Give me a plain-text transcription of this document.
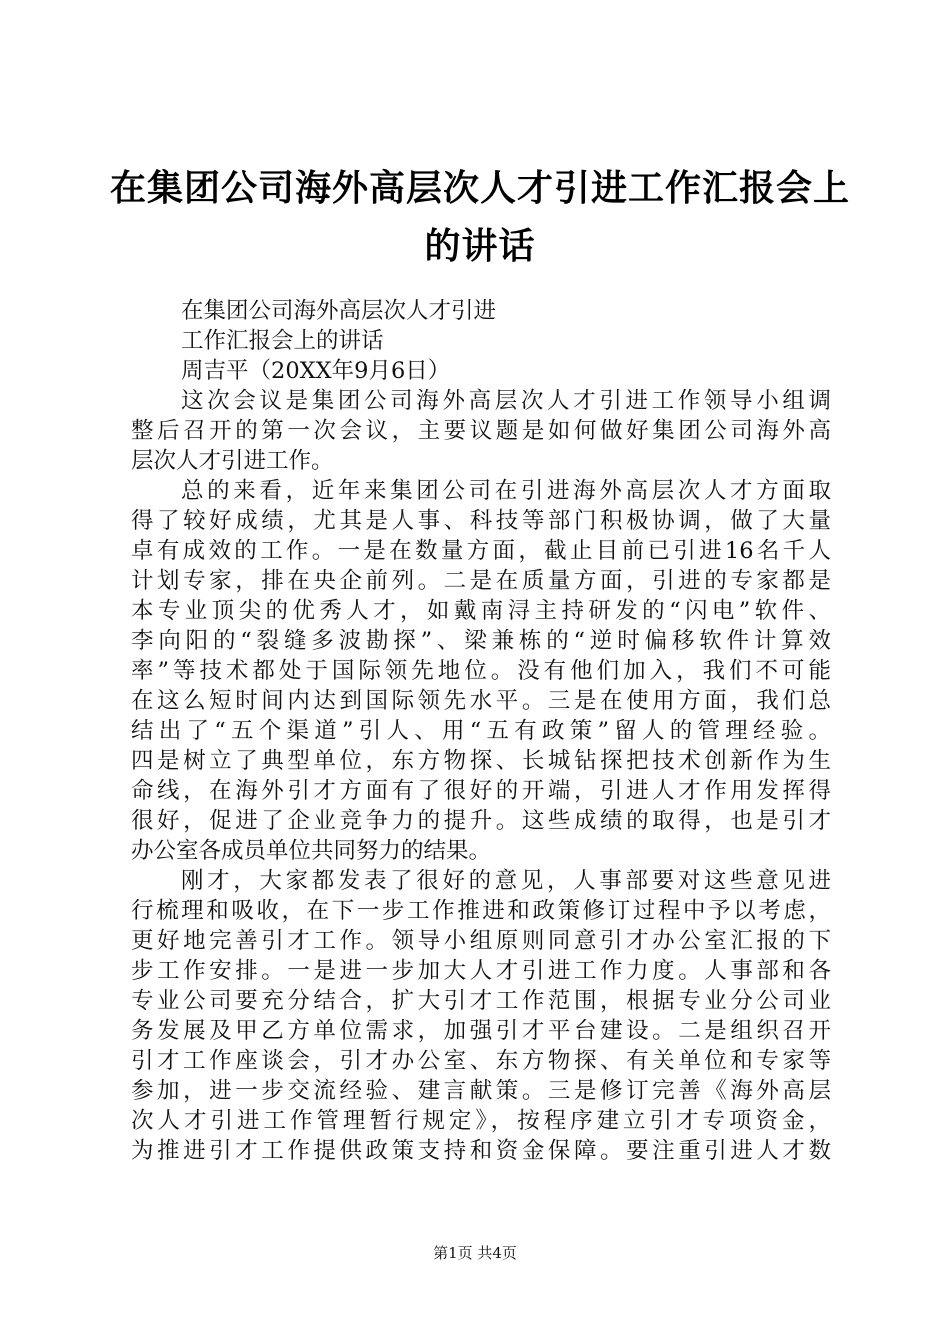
在集团公司海外高层次人才引进工作汇报会上
的讲话
在集团公司海外高层次人才引进
工作汇报会上的讲话
周吉平（20XX年9月6日）
这次会议是集团公司海外高层次人才引进工作领导小组调
整后召开的第一次会议，主要议题是如何做好集团公司海外高
层次人才引进工作。
总的来看，近年来集团公司在引进海外高层次人才方面取
得了较好成绩，尤其是人事、科技等部门积极协调，做了大量
卓有成效的工作。一是在数量方面，截止目前已引进16名千人
计划专家，排在央企前列。二是在质量方面，引进的专家都是
本专业顶尖的优秀人才，如戴南浔主持研发的“闪电”软件、
李向阳的“裂缝多波勘探”、梁兼栋的“逆时偏移软件计算效
率”等技术都处于国际领先地位。没有他们加入，我们不可能
在这么短时间内达到国际领先水平。三是在使用方面，我们总
结出了“五个渠道”引人、用“五有政策”留人的管理经验。
四是树立了典型单位，东方物探、长城钻探把技术创新作为生
命线，在海外引才方面有了很好的开端，引进人才作用发挥得
很好，促进了企业竞争力的提升。这些成绩的取得，也是引才
办公室各成员单位共同努力的结果。
刚才，大家都发表了很好的意见，人事部要对这些意见进
行梳理和吸收，在下一步工作推进和政策修订过程中予以考虑，
更好地完善引才工作。领导小组原则同意引才办公室汇报的下
步工作安排。一是进一步加大人才引进工作力度。人事部和各
专业公司要充分结合，扩大引才工作范围，根据专业分公司业
务发展及甲乙方单位需求，加强引才平台建设。二是组织召开
引才工作座谈会，引才办公室、东方物探、有关单位和专家等
参加，进一步交流经验、建言献策。三是修订完善《海外高层
次人才引进工作管理暂行规定》，按程序建立引才专项资金，
为推进引才工作提供政策支持和资金保障。要注重引进人才数
第1页 共4页
